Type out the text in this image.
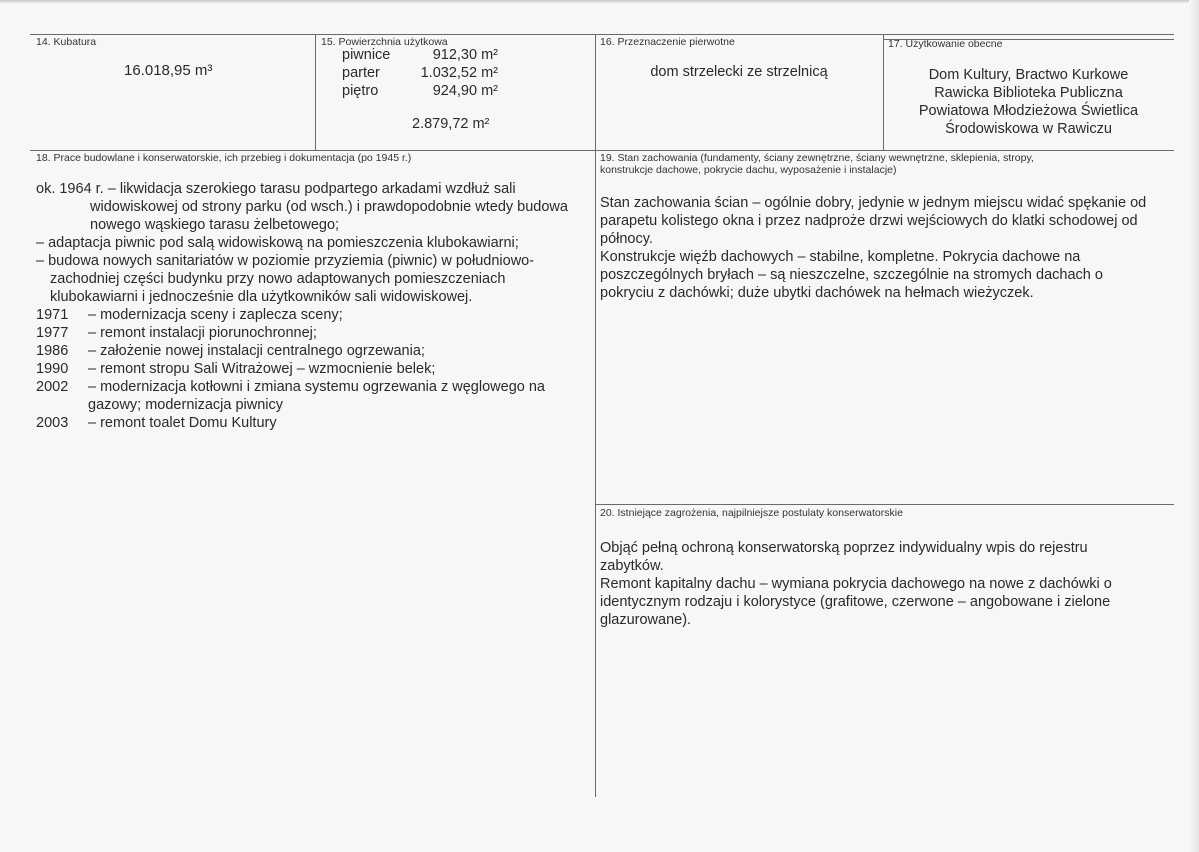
14. Kubatura
16.018,95 m³
15. Powierzchnia użytkowa
piwnice	912,30 m²
parter	1.032,52 m²
piętro	924,90 m²
2.879,72 m²
16. Przeznaczenie pierwotne
dom strzelecki ze strzelnicą
17. Użytkowanie obecne
Dom Kultury, Bractwo Kurkowe
Rawicka Biblioteka Publiczna
Powiatowa Młodzieżowa Świetlica
Środowiskowa w Rawiczu
18. Prace budowlane i konserwatorskie, ich przebieg i dokumentacja (po 1945 r.)
ok. 1964 r. – likwidacja szerokiego tarasu podpartego arkadami wzdłuż sali
widowiskowej od strony parku (od wsch.) i prawdopodobnie wtedy budowa nowego wąskiego tarasu żelbetowego;
– adaptacja piwnic pod salą widowiskową na pomieszczenia klubokawiarni;
– budowa nowych sanitariatów w poziomie przyziemia (piwnic) w południowo-zachodniej części budynku przy nowo adaptowanych pomieszczeniach klubokawiarni i jednocześnie dla użytkowników sali widowiskowej.
1971 – modernizacja sceny i zaplecza sceny;
1977 – remont instalacji piorunochronnej;
1986 – założenie nowej instalacji centralnego ogrzewania;
1990 – remont stropu Sali Witrażowej – wzmocnienie belek;
2002 – modernizacja kotłowni i zmiana systemu ogrzewania z węglowego na gazowy; modernizacja piwnicy
2003 – remont toalet Domu Kultury
19. Stan zachowania (fundamenty, ściany zewnętrzne, ściany wewnętrzne, sklepienia, stropy,
konstrukcje dachowe, pokrycie dachu, wyposażenie i instalacje)
Stan zachowania ścian – ogólnie dobry, jedynie w jednym miejscu widać spękanie od parapetu kolistego okna i przez nadproże drzwi wejściowych do klatki schodowej od północy.
Konstrukcje więźb dachowych – stabilne, kompletne. Pokrycia dachowe na poszczególnych bryłach – są nieszczelne, szczególnie na stromych dachach o pokryciu z dachówki; duże ubytki dachówek na hełmach wieżyczek.
20. Istniejące zagrożenia, najpilniejsze postulaty konserwatorskie
Objąć pełną ochroną konserwatorską poprzez indywidualny wpis do rejestru zabytków.
Remont kapitalny dachu – wymiana pokrycia dachowego na nowe z dachówki o identycznym rodzaju i kolorystyce (grafitowe, czerwone – angobowane i zielone glazurowane).
